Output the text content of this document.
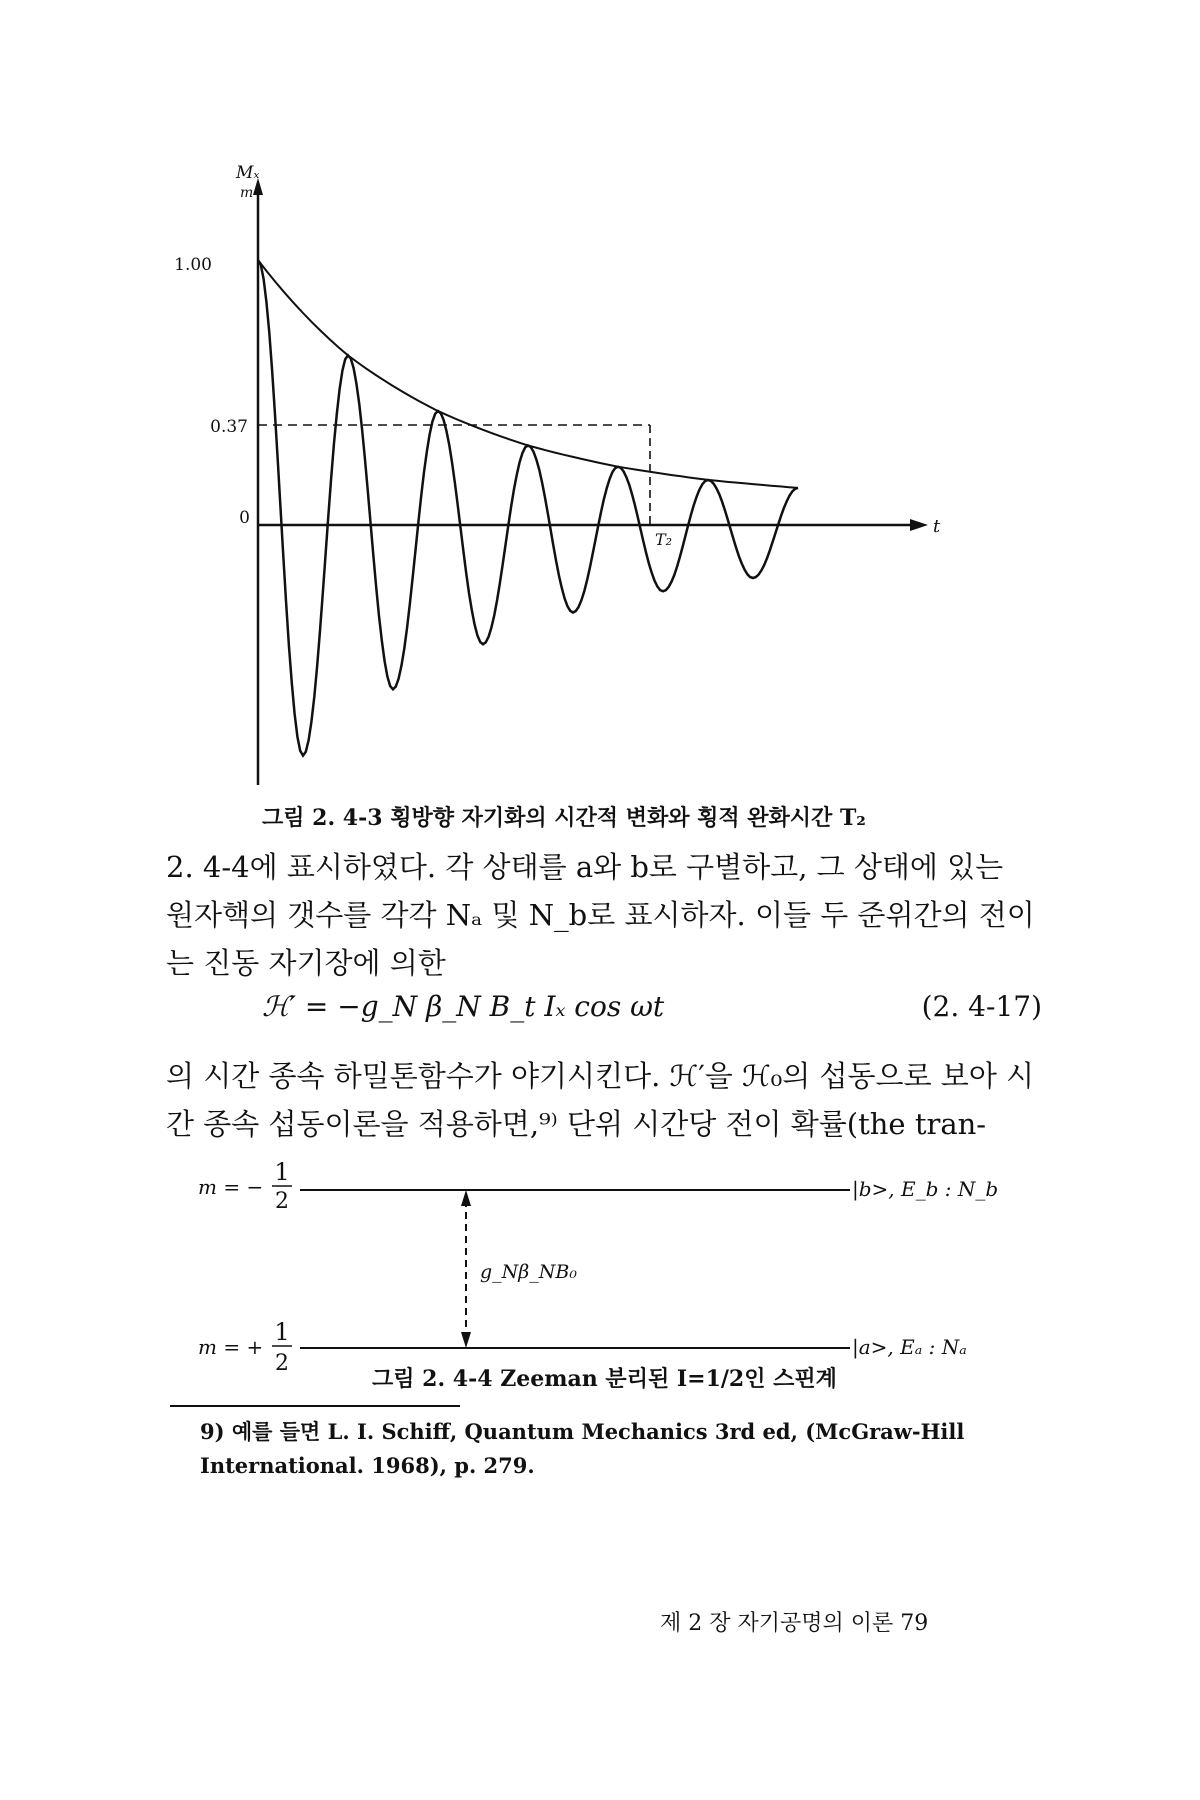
Mₓ
m
1.00
0.37
0	t
T₂
그림 2. 4-3 횡방향 자기화의 시간적 변화와 횡적 완화시간 T₂

2. 4-4에 표시하였다. 각 상태를 a와 b로 구별하고, 그 상태에 있는 원자핵의 갯수를 각각 Nₐ 및 N_b로 표시하자. 이들 두 준위간의 전이는 진동 자기장에 의한

ℋ′ = −g_N β_N B_t Iₓ cos ωt	(2. 4-17)

의 시간 종속 하밀톤함수가 야기시킨다. ℋ′을 ℋ₀의 섭동으로 보아 시간 종속 섭동이론을 적용하면,⁹⁾ 단위 시간당 전이 확률(the tran-

m = −
1
2	|b>, E_b : N_b
g_Nβ_NB₀
m = +
1
2
|a>, Eₐ : Nₐ
그림 2. 4-4 Zeeman 분리된 I=1/2인 스핀계
9) 예를 들면 L. I. Schiff, Quantum Mechanics 3rd ed, (McGraw-Hill International. 1968), p. 279.
제 2 장 자기공명의 이론 79
